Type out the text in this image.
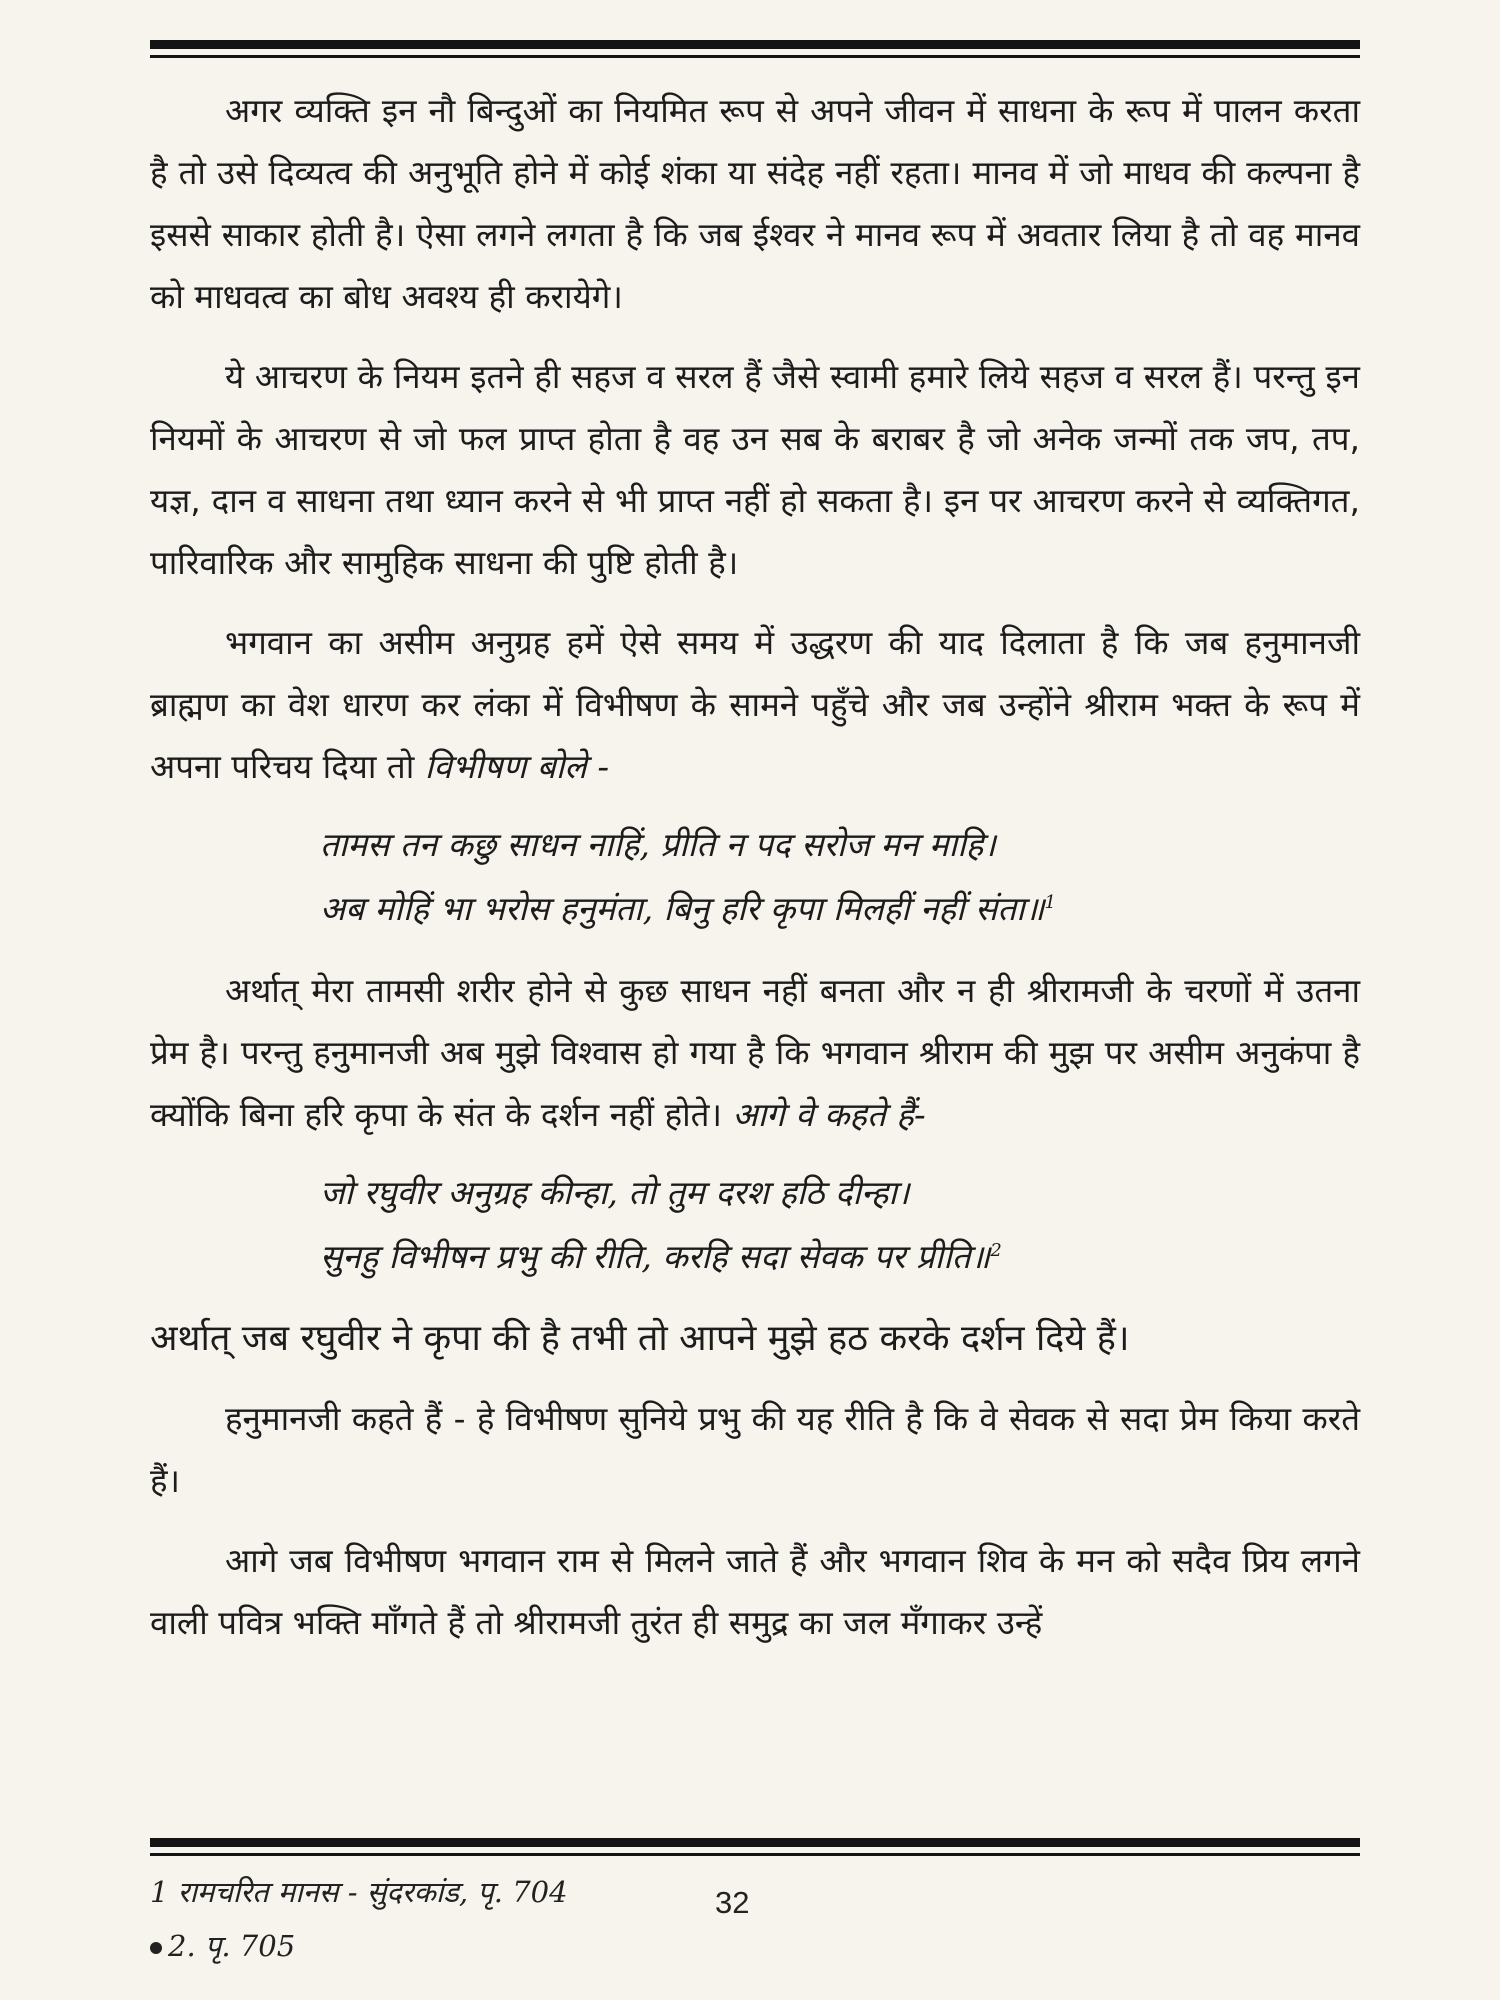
अगर व्यक्ति इन नौ बिन्दुओं का नियमित रूप से अपने जीवन में साधना के रूप में पालन करता है तो उसे दिव्यत्व की अनुभूति होने में कोई शंका या संदेह नहीं रहता। मानव में जो माधव की कल्पना है इससे साकार होती है। ऐसा लगने लगता है कि जब ईश्वर ने मानव रूप में अवतार लिया है तो वह मानव को माधवत्व का बोध अवश्य ही करायेगे।

ये आचरण के नियम इतने ही सहज व सरल हैं जैसे स्वामी हमारे लिये सहज व सरल हैं। परन्तु इन नियमों के आचरण से जो फल प्राप्त होता है वह उन सब के बराबर है जो अनेक जन्मों तक जप, तप, यज्ञ, दान व साधना तथा ध्यान करने से भी प्राप्त नहीं हो सकता है। इन पर आचरण करने से व्यक्तिगत, पारिवारिक और सामुहिक साधना की पुष्टि होती है।

भगवान का असीम अनुग्रह हमें ऐसे समय में उद्धरण की याद दिलाता है कि जब हनुमानजी ब्राह्मण का वेश धारण कर लंका में विभीषण के सामने पहुँचे और जब उन्होंने श्रीराम भक्त के रूप में अपना परिचय दिया तो विभीषण बोले -

तामस तन कछु साधन नाहिं, प्रीति न पद सरोज मन माहि।
अब मोहिं भा भरोस हनुमंता, बिनु हरि कृपा मिलहीं नहीं संता॥$^1$

अर्थात् मेरा तामसी शरीर होने से कुछ साधन नहीं बनता और न ही श्रीरामजी के चरणों में उतना प्रेम है। परन्तु हनुमानजी अब मुझे विश्वास हो गया है कि भगवान श्रीराम की मुझ पर असीम अनुकंपा है क्योंकि बिना हरि कृपा के संत के दर्शन नहीं होते। आगे वे कहते हैं-

जो रघुवीर अनुग्रह कीन्हा, तो तुम दरश हठि दीन्हा।
सुनहु विभीषन प्रभु की रीति, करहि सदा सेवक पर प्रीति॥$^2$

अर्थात् जब रघुवीर ने कृपा की है तभी तो आपने मुझे हठ करके दर्शन दिये हैं।

हनुमानजी कहते हैं - हे विभीषण सुनिये प्रभु की यह रीति है कि वे सेवक से सदा प्रेम किया करते हैं।

आगे जब विभीषण भगवान राम से मिलने जाते हैं और भगवान शिव के मन को सदैव प्रिय लगने वाली पवित्र भक्ति माँगते हैं तो श्रीरामजी तुरंत ही समुद्र का जल मँगाकर उन्हें

1 रामचरित मानस - सुंदरकांड, पृ. 704
2. पृ. 705
32
